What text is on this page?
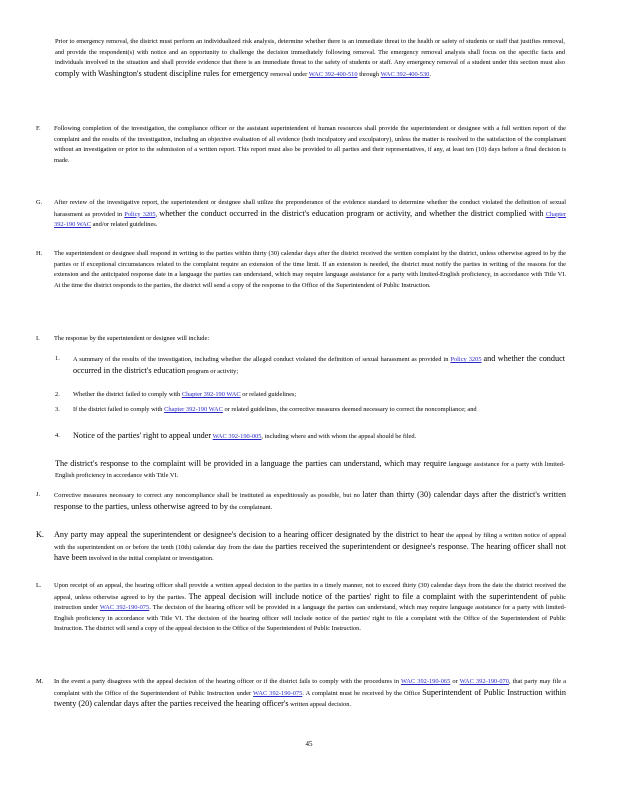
Prior to emergency removal, the district must perform an individualized risk analysis, determine whether there is an immediate threat to the health or safety of students or staff that justifies removal, and provide the respondent(s) with notice and an opportunity to challenge the decision immediately following removal. The emergency removal analysis shall focus on the specific facts and individuals involved in the situation and shall provide evidence that there is an immediate threat to the safety of students or staff. Any emergency removal of a student under this section must also comply with Washington's student discipline rules for emergency removal under WAC 392-400-510 through WAC 392-400-530.
F.	Following completion of the investigation, the compliance officer or the assistant superintendent of human resources shall provide the superintendent or designee with a full written report of the complaint and the results of the investigation, including an objective evaluation of all evidence (both inculpatory and exculpatory), unless the matter is resolved to the satisfaction of the complainant without an investigation or prior to the submission of a written report. This report must also be provided to all parties and their representatives, if any, at least ten (10) days before a final decision is made.
G.	After review of the investigative report, the superintendent or designee shall utilize the preponderance of the evidence standard to determine whether the conduct violated the definition of sexual harassment as provided in Policy 3205, whether the conduct occurred in the district's education program or activity, and whether the district complied with Chapter 392-190 WAC and/or related guidelines.
H.	The superintendent or designee shall respond in writing to the parties within thirty (30) calendar days after the district received the written complaint by the district, unless otherwise agreed to by the parties or if exceptional circumstances related to the complaint require an extension of the time limit. If an extension is needed, the district must notify the parties in writing of the reasons for the extension and the anticipated response date in a language the parties can understand, which may require language assistance for a party with limited-English proficiency, in accordance with Title VI. At the time the district responds to the parties, the district will send a copy of the response to the Office of the Superintendent of Public Instruction.
I.	The response by the superintendent or designee will include:
1.	A summary of the results of the investigation, including whether the alleged conduct violated the definition of sexual harassment as provided in Policy 3205 and whether the conduct occurred in the district's education program or activity;
2.	Whether the district failed to comply with Chapter 392-190 WAC or related guidelines;
3.	If the district failed to comply with Chapter 392-190 WAC or related guidelines, the corrective measures deemed necessary to correct the noncompliance; and
4.	Notice of the parties' right to appeal under WAC 392-190-005, including where and with whom the appeal should be filed.
The district's response to the complaint will be provided in a language the parties can understand, which may require language assistance for a party with limited-English proficiency in accordance with Title VI.
J.	Corrective measures necessary to correct any noncompliance shall be instituted as expeditiously as possible, but no later than thirty (30) calendar days after the district's written response to the parties, unless otherwise agreed to by the complainant.
K.	Any party may appeal the superintendent or designee's decision to a hearing officer designated by the district to hear the appeal by filing a written notice of appeal with the superintendent on or before the tenth (10th) calendar day from the date the parties received the superintendent or designee's response. The hearing officer shall not have been involved in the initial complaint or investigation.
L.	Upon receipt of an appeal, the hearing officer shall provide a written appeal decision to the parties in a timely manner, not to exceed thirty (30) calendar days from the date the district received the appeal, unless otherwise agreed to by the parties. The appeal decision will include notice of the parties' right to file a complaint with the superintendent of public instruction under WAC 392-190-075. The decision of the hearing officer will be provided in a language the parties can understand, which may require language assistance for a party with limited-English proficiency in accordance with Title VI. The decision of the hearing officer will include notice of the parties' right to file a complaint with the Office of the Superintendent of Public Instruction. The district will send a copy of the appeal decision to the Office of the Superintendent of Public Instruction.
M.	In the event a party disagrees with the appeal decision of the hearing officer or if the district fails to comply with the procedures in WAC 392-190-065 or WAC 392-190-070, that party may file a complaint with the Office of the Superintendent of Public Instruction under WAC 392-190-075. A complaint must be received by the Office Superintendent of Public Instruction within twenty (20) calendar days after the parties received the hearing officer's written appeal decision.
45
